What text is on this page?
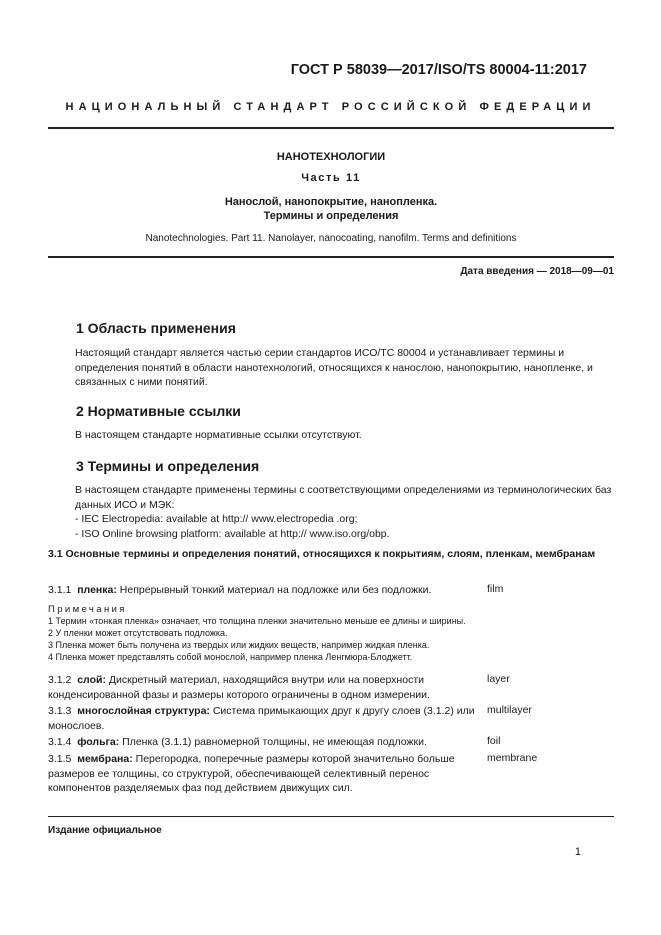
ГОСТ Р 58039—2017/ISO/TS 80004-11:2017
НАЦИОНАЛЬНЫЙ СТАНДАРТ РОССИЙСКОЙ ФЕДЕРАЦИИ
НАНОТЕХНОЛОГИИ
Часть 11
Нанослой, нанопокрытие, нанопленка.
Термины и определения
Nanotechnologies. Part 11. Nanolayer, nanocoating, nanofilm. Terms and definitions
Дата введения — 2018—09—01
1 Область применения
Настоящий стандарт является частью серии стандартов ИСО/ТС 80004 и устанавливает термины и определения понятий в области нанотехнологий, относящихся к нанослою, нанопокрытию, нанопленке, и связанных с ними понятий.
2 Нормативные ссылки
В настоящем стандарте нормативные ссылки отсутствуют.
3 Термины и определения
В настоящем стандарте применены термины с соответствующими определениями из терминологических баз данных ИСО и МЭК:
- IEC Electropedia: available at http:// www.electropedia .org;
- ISO Online browsing platform: available at http:// www.iso.org/obp.
3.1 Основные термины и определения понятий, относящихся к покрытиям, слоям, пленкам, мембранам
3.1.1 пленка: Непрерывный тонкий материал на подложке или без подложки.	film
Примечания
1 Термин «тонкая пленка» означает, что толщина пленки значительно меньше ее длины и ширины.
2 У пленки может отсутствовать подложка.
3 Пленка может быть получена из твердых или жидких веществ, например жидкая пленка.
4 Пленка может представлять собой монослой, например пленка Ленгмюра-Блоджетт.
3.1.2 слой: Дискретный материал, находящийся внутри или на поверхности конденсированной фазы и размеры которого ограничены в одном измерении.
layer
3.1.3 многослойная структура: Система примыкающих друг к другу слоев (3.1.2) или монослоев.
multilayer
3.1.4 фольга: Пленка (3.1.1) равномерной толщины, не имеющая подложки.	foil
3.1.5 мембрана: Перегородка, поперечные размеры которой значительно больше размеров ее толщины, со структурой, обеспечивающей селективный перенос компонентов разделяемых фаз под действием движущих сил.
membrane
Издание официальное
1
